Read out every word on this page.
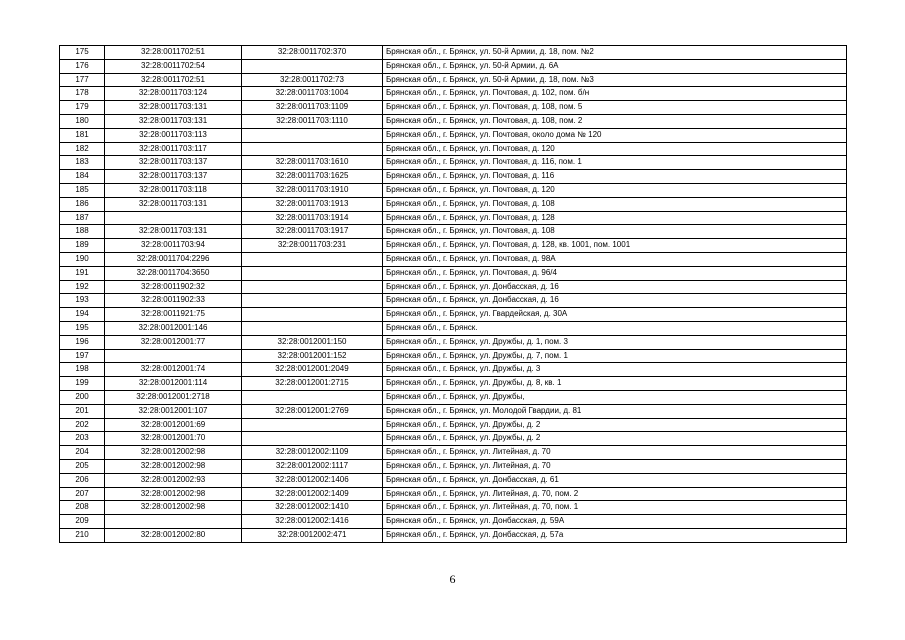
175	32:28:0011702:51	32:28:0011702:370	Брянская обл., г. Брянск, ул. 50-й Армии, д. 18, пом. №2
176	32:28:0011702:54		Брянская обл., г. Брянск, ул. 50-й Армии, д. 6А
177	32:28:0011702:51	32:28:0011702:73	Брянская обл., г. Брянск, ул. 50-й Армии, д. 18, пом. №3
178	32:28:0011703:124	32:28:0011703:1004	Брянская обл., г. Брянск, ул. Почтовая, д. 102, пом. б/н
179	32:28:0011703:131	32:28:0011703:1109	Брянская обл., г. Брянск, ул. Почтовая, д. 108, пом. 5
180	32:28:0011703:131	32:28:0011703:1110	Брянская обл., г. Брянск, ул. Почтовая, д. 108, пом. 2
181	32:28:0011703:113		Брянская обл., г. Брянск, ул. Почтовая, около дома № 120
182	32:28:0011703:117		Брянская обл., г. Брянск, ул. Почтовая, д. 120
183	32:28:0011703:137	32:28:0011703:1610	Брянская обл., г. Брянск, ул. Почтовая, д. 116, пом. 1
184	32:28:0011703:137	32:28:0011703:1625	Брянская обл., г. Брянск, ул. Почтовая, д. 116
185	32:28:0011703:118	32:28:0011703:1910	Брянская обл., г. Брянск, ул. Почтовая, д. 120
186	32:28:0011703:131	32:28:0011703:1913	Брянская обл., г. Брянск, ул. Почтовая, д. 108
187		32:28:0011703:1914	Брянская обл., г. Брянск, ул. Почтовая, д. 128
188	32:28:0011703:131	32:28:0011703:1917	Брянская обл., г. Брянск, ул. Почтовая, д. 108
189	32:28:0011703:94	32:28:0011703:231	Брянская обл., г. Брянск, ул. Почтовая, д. 128, кв. 1001, пом. 1001
190	32:28:0011704:2296		Брянская обл., г. Брянск, ул. Почтовая, д. 98А
191	32:28:0011704:3650		Брянская обл., г. Брянск, ул. Почтовая, д. 96/4
192	32:28:0011902:32		Брянская обл., г. Брянск, ул. Донбасская, д. 16
193	32:28:0011902:33		Брянская обл., г. Брянск, ул. Донбасская, д. 16
194	32:28:0011921:75		Брянская обл., г. Брянск, ул. Гвардейская, д. 30А
195	32:28:0012001:146		Брянская обл., г. Брянск.
196	32:28:0012001:77	32:28:0012001:150	Брянская обл., г. Брянск, ул. Дружбы, д. 1, пом. 3
197		32:28:0012001:152	Брянская обл., г. Брянск, ул. Дружбы, д. 7, пом. 1
198	32:28:0012001:74	32:28:0012001:2049	Брянская обл., г. Брянск, ул. Дружбы, д. 3
199	32:28:0012001:114	32:28:0012001:2715	Брянская обл., г. Брянск, ул. Дружбы, д. 8, кв. 1
200	32:28:0012001:2718		Брянская обл., г. Брянск, ул. Дружбы,
201	32:28:0012001:107	32:28:0012001:2769	Брянская обл., г. Брянск, ул. Молодой Гвардии, д. 81
202	32:28:0012001:69		Брянская обл., г. Брянск, ул. Дружбы, д. 2
203	32:28:0012001:70		Брянская обл., г. Брянск, ул. Дружбы, д. 2
204	32:28:0012002:98	32:28:0012002:1109	Брянская обл., г. Брянск, ул. Литейная, д. 70
205	32:28:0012002:98	32:28:0012002:1117	Брянская обл., г. Брянск, ул. Литейная, д. 70
206	32:28:0012002:93	32:28:0012002:1406	Брянская обл., г. Брянск, ул. Донбасская, д. 61
207	32:28:0012002:98	32:28:0012002:1409	Брянская обл., г. Брянск, ул. Литейная, д. 70, пом. 2
208	32:28:0012002:98	32:28:0012002:1410	Брянская обл., г. Брянск, ул. Литейная, д. 70, пом. 1
209		32:28:0012002:1416	Брянская обл., г. Брянск, ул. Донбасская, д. 59А
210	32:28:0012002:80	32:28:0012002:471	Брянская обл., г. Брянск, ул. Донбасская, д. 57а
6
